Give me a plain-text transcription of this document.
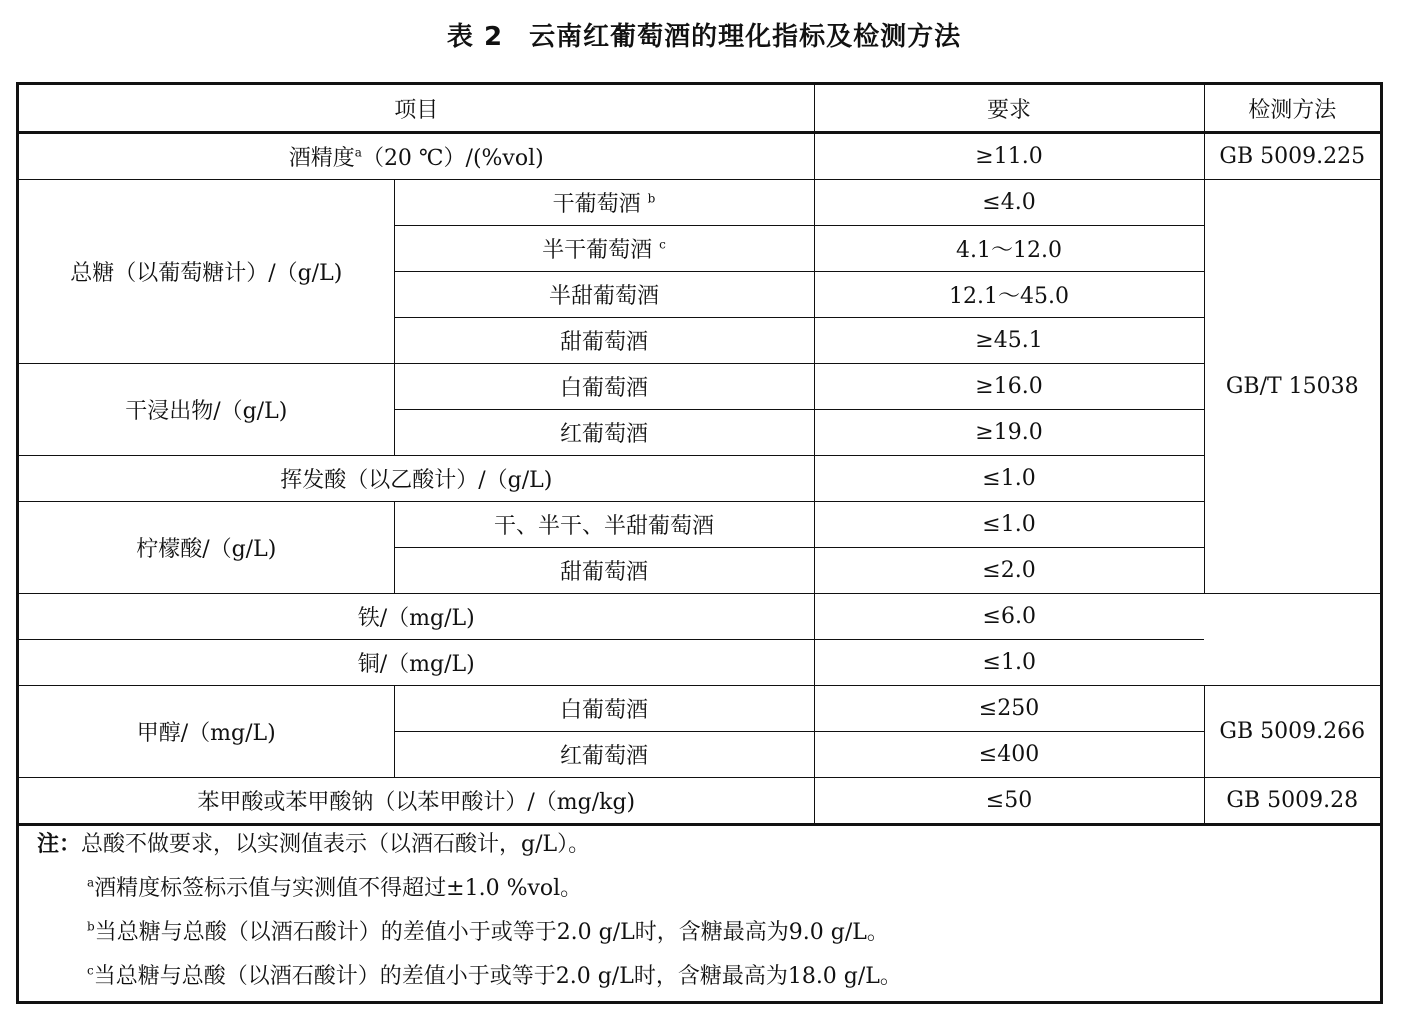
表 2 云南红葡萄酒的理化指标及检测方法
项目		要求	检测方法
酒精度$^a$（20 ℃）/(%vol)		≥11.0	GB 5009.225
总糖（以葡萄糖计）/（g/L)	干葡萄酒 $^b$	≤4.0	GB/T 15038
	半干葡萄酒 $^c$	4.1～12.0	
	半甜葡萄酒	12.1～45.0	
	甜葡萄酒	≥45.1	
干浸出物/（g/L)	白葡萄酒	≥16.0	
	红葡萄酒	≥19.0	
挥发酸（以乙酸计）/（g/L)		≤1.0	
柠檬酸/（g/L)	干、半干、半甜葡萄酒	≤1.0	
	甜葡萄酒	≤2.0	
铁/（mg/L)		≤6.0	
铜/（mg/L)		≤1.0	
甲醇/（mg/L)	白葡萄酒	≤250	GB 5009.266
	红葡萄酒	≤400	
苯甲酸或苯甲酸钠（以苯甲酸计）/（mg/kg)		≤50	GB 5009.28
注：总酸不做要求，以实测值表示（以酒石酸计，g/L）。
$^a$酒精度标签标示值与实测值不得超过±1.0 %vol。
$^b$当总糖与总酸（以酒石酸计）的差值小于或等于2.0 g/L时，含糖最高为9.0 g/L。
$^c$当总糖与总酸（以酒石酸计）的差值小于或等于2.0 g/L时，含糖最高为18.0 g/L。
